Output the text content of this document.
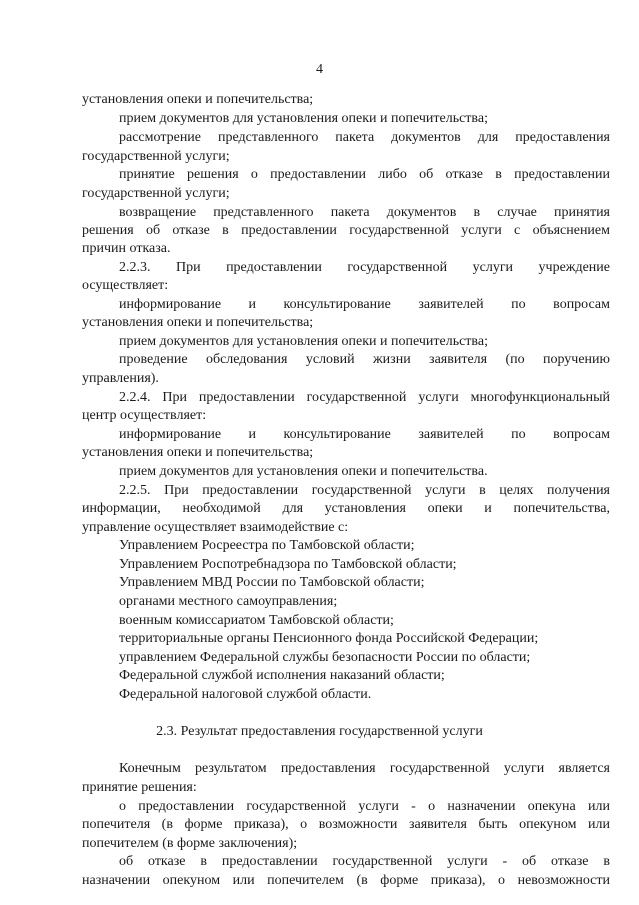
4
установления опеки и попечительства;
прием документов для установления опеки и попечительства;
рассмотрение представленного пакета документов для предоставления
государственной услуги;
принятие решения о предоставлении либо об отказе в предоставлении
государственной услуги;
возвращение представленного пакета документов в случае принятия
решения об отказе в предоставлении государственной услуги с объяснением
причин отказа.
2.2.3. При предоставлении государственной услуги учреждение
осуществляет:
информирование и консультирование заявителей по вопросам
установления опеки и попечительства;
прием документов для установления опеки и попечительства;
проведение обследования условий жизни заявителя (по поручению
управления).
2.2.4. При предоставлении государственной услуги многофункциональный
центр осуществляет:
информирование и консультирование заявителей по вопросам
установления опеки и попечительства;
прием документов для установления опеки и попечительства.
2.2.5. При предоставлении государственной услуги в целях получения
информации, необходимой для установления опеки и попечительства,
управление осуществляет взаимодействие с:
Управлением Росреестра по Тамбовской области;
Управлением Роспотребнадзора по Тамбовской области;
Управлением МВД России по Тамбовской области;
органами местного самоуправления;
военным комиссариатом Тамбовской области;
территориальные органы Пенсионного фонда Российской Федерации;
управлением Федеральной службы безопасности России по области;
Федеральной службой исполнения наказаний области;
Федеральной налоговой службой области.
2.3. Результат предоставления государственной услуги
Конечным результатом предоставления государственной услуги является
принятие решения:
о предоставлении государственной услуги - о назначении опекуна или
попечителя (в форме приказа), о возможности заявителя быть опекуном или
попечителем (в форме заключения);
об отказе в предоставлении государственной услуги - об отказе в
назначении опекуном или попечителем (в форме приказа), о невозможности
